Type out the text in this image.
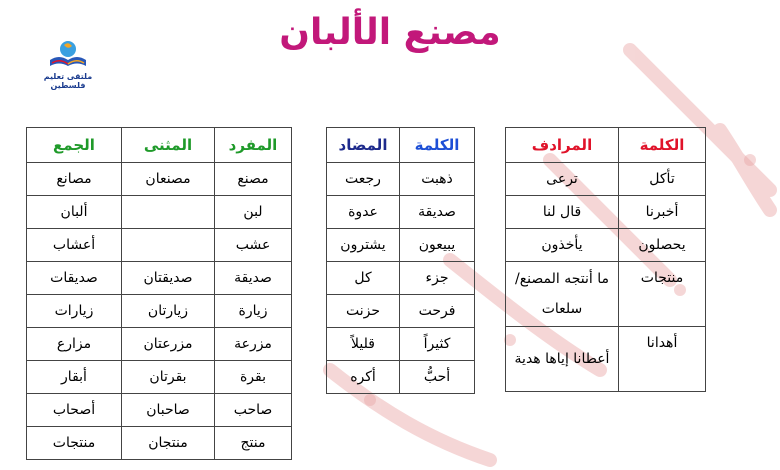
مصنع الألبان
ملتقى تعليم فلسطين
الكلمة	المرادف
تأكل	ترعى
أخبرنا	قال لنا
يحصلون	يأخذون
منتجات	ما أنتجه المصنع/سلعات
أهدانا	أعطانا إياها هدية
الكلمة	المضاد
ذهبت	رجعت
صديقة	عدوة
يبيعون	يشترون
جزء	كل
فرحت	حزنت
كثيراً	قليلاً
أحبُّ	أكره
المفرد	المثنى	الجمع
مصنع	مصنعان	مصانع
لبن		ألبان
عشب		أعشاب
صديقة	صديقتان	صديقات
زيارة	زيارتان	زيارات
مزرعة	مزرعتان	مزارع
بقرة	بقرتان	أبقار
صاحب	صاحبان	أصحاب
منتج	منتجان	منتجات
